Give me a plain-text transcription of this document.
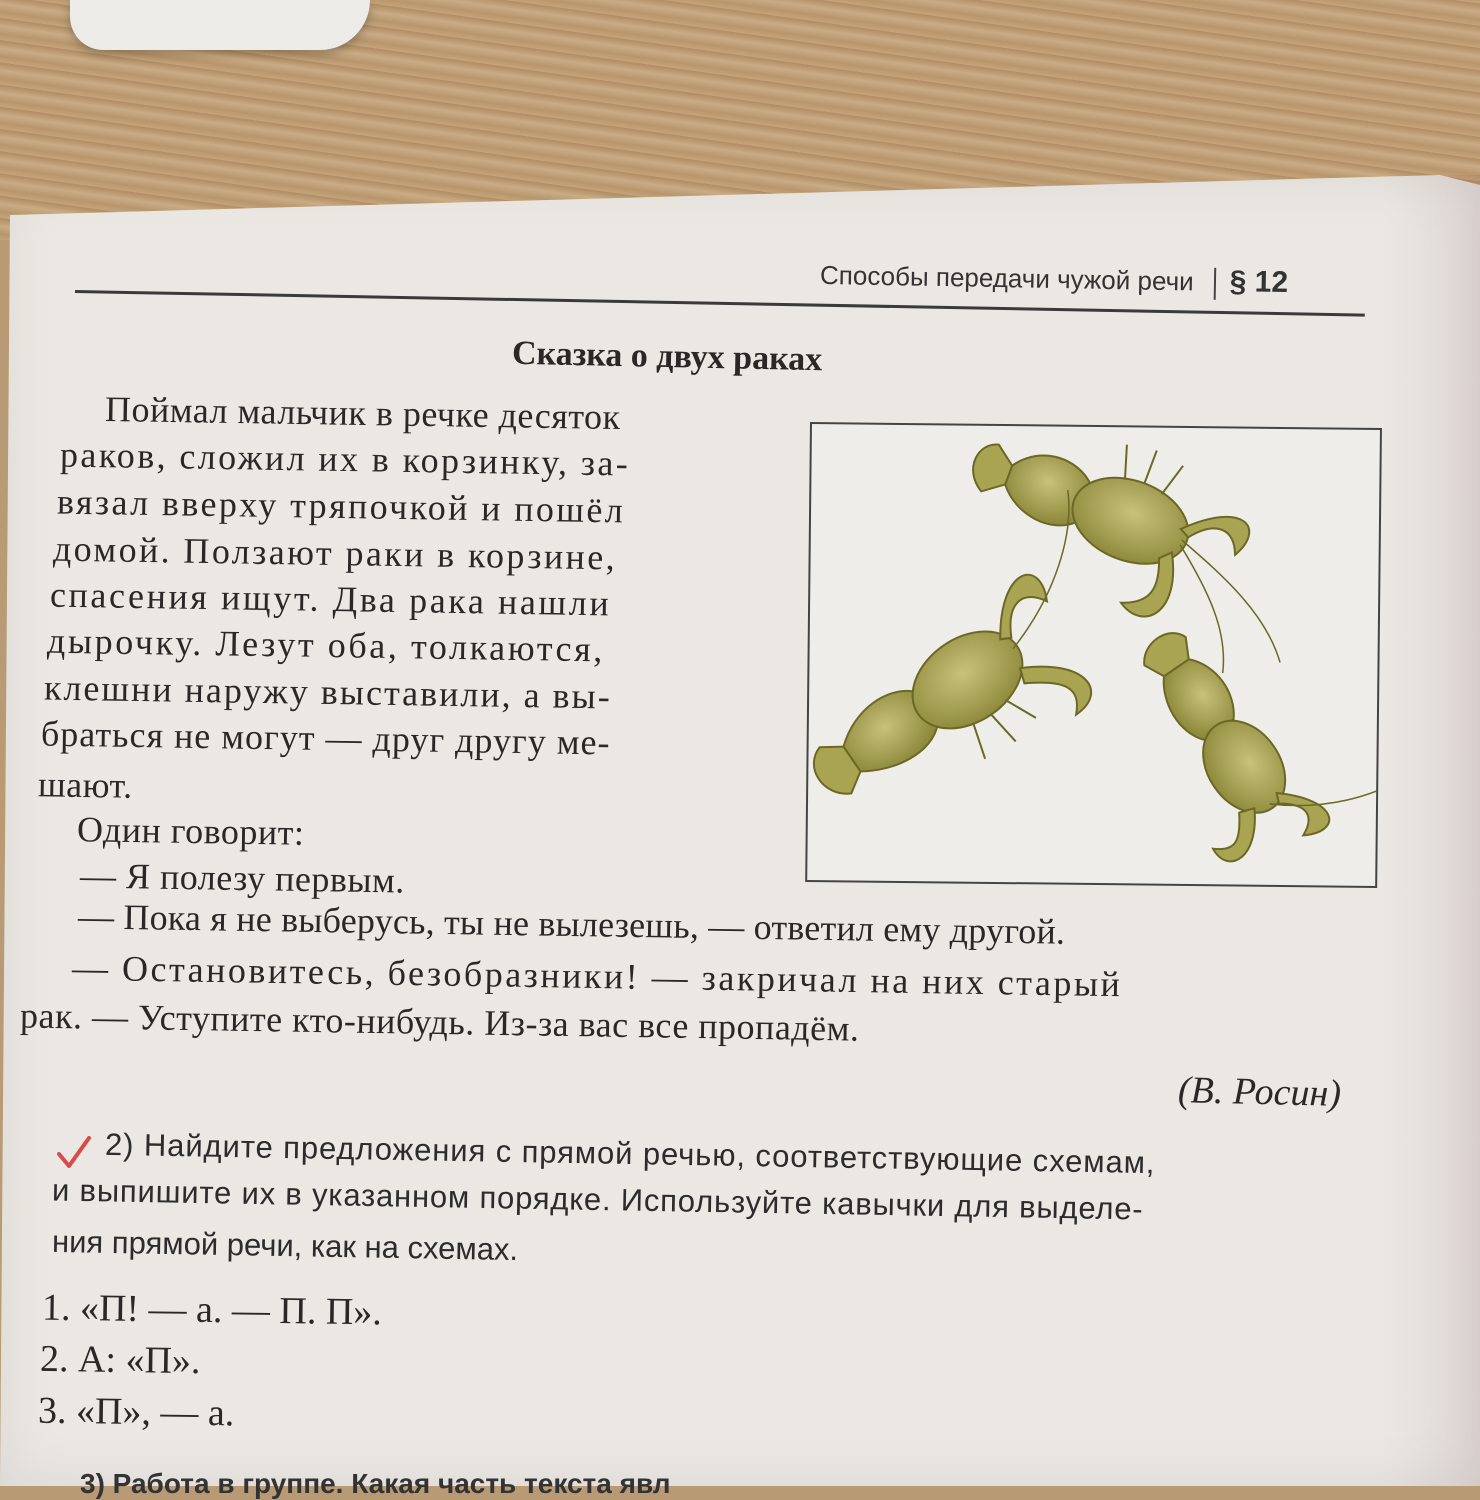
Способы передачи чужой речи § 12
Сказка о двух раках
Поймал мальчик в речке десяток
раков, сложил их в корзинку, за-
вязал вверху тряпочкой и пошёл
домой. Ползают раки в корзине,
спасения ищут. Два рака нашли
дырочку. Лезут оба, толкаются,
клешни наружу выставили, а вы-
браться не могут — друг другу ме-
шают.
Один говорит:
— Я полезу первым.
— Пока я не выберусь, ты не вылезешь, — ответил ему другой.
— Остановитесь, безобразники! — закричал на них старый
рак. — Уступите кто-нибудь. Из-за вас все пропадём.
(В. Росин)
2) Найдите предложения с прямой речью, соответствующие схемам,
и выпишите их в указанном порядке. Используйте кавычки для выделе-
ния прямой речи, как на схемах.
1. «П! — а. — П. П».
2. А: «П».
3. «П», — а.
3) Работа в группе. Какая часть текста явл
